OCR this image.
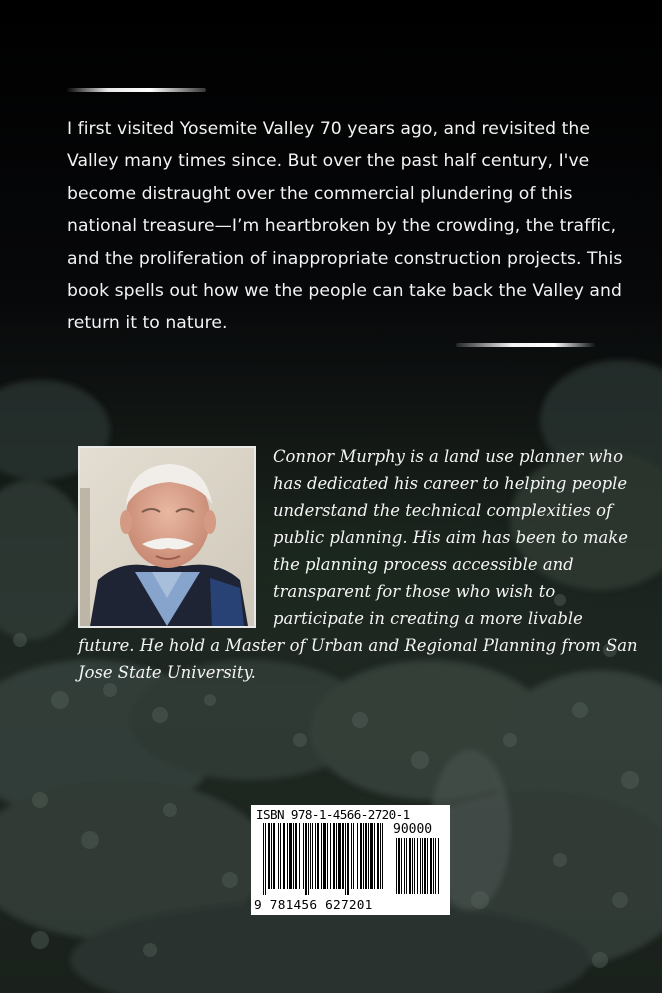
I first visited Yosemite Valley 70 years ago, and revisited the Valley many times since. But over the past half century, I've become distraught over the commercial plundering of this national treasure—I’m heartbroken by the crowding, the traffic, and the proliferation of inappropriate construction projects. This book spells out how we the people can take back the Valley and return it to nature.
Connor Murphy is a land use planner who has dedicated his career to helping people understand the technical complexities of public planning. His aim has been to make the planning process accessible and transparent for those who wish to participate in creating a more livable future. He hold a Master of Urban and Regional Planning from San Jose State University.
ISBN 978-1-4566-2720-1
90000
9 781456 627201
